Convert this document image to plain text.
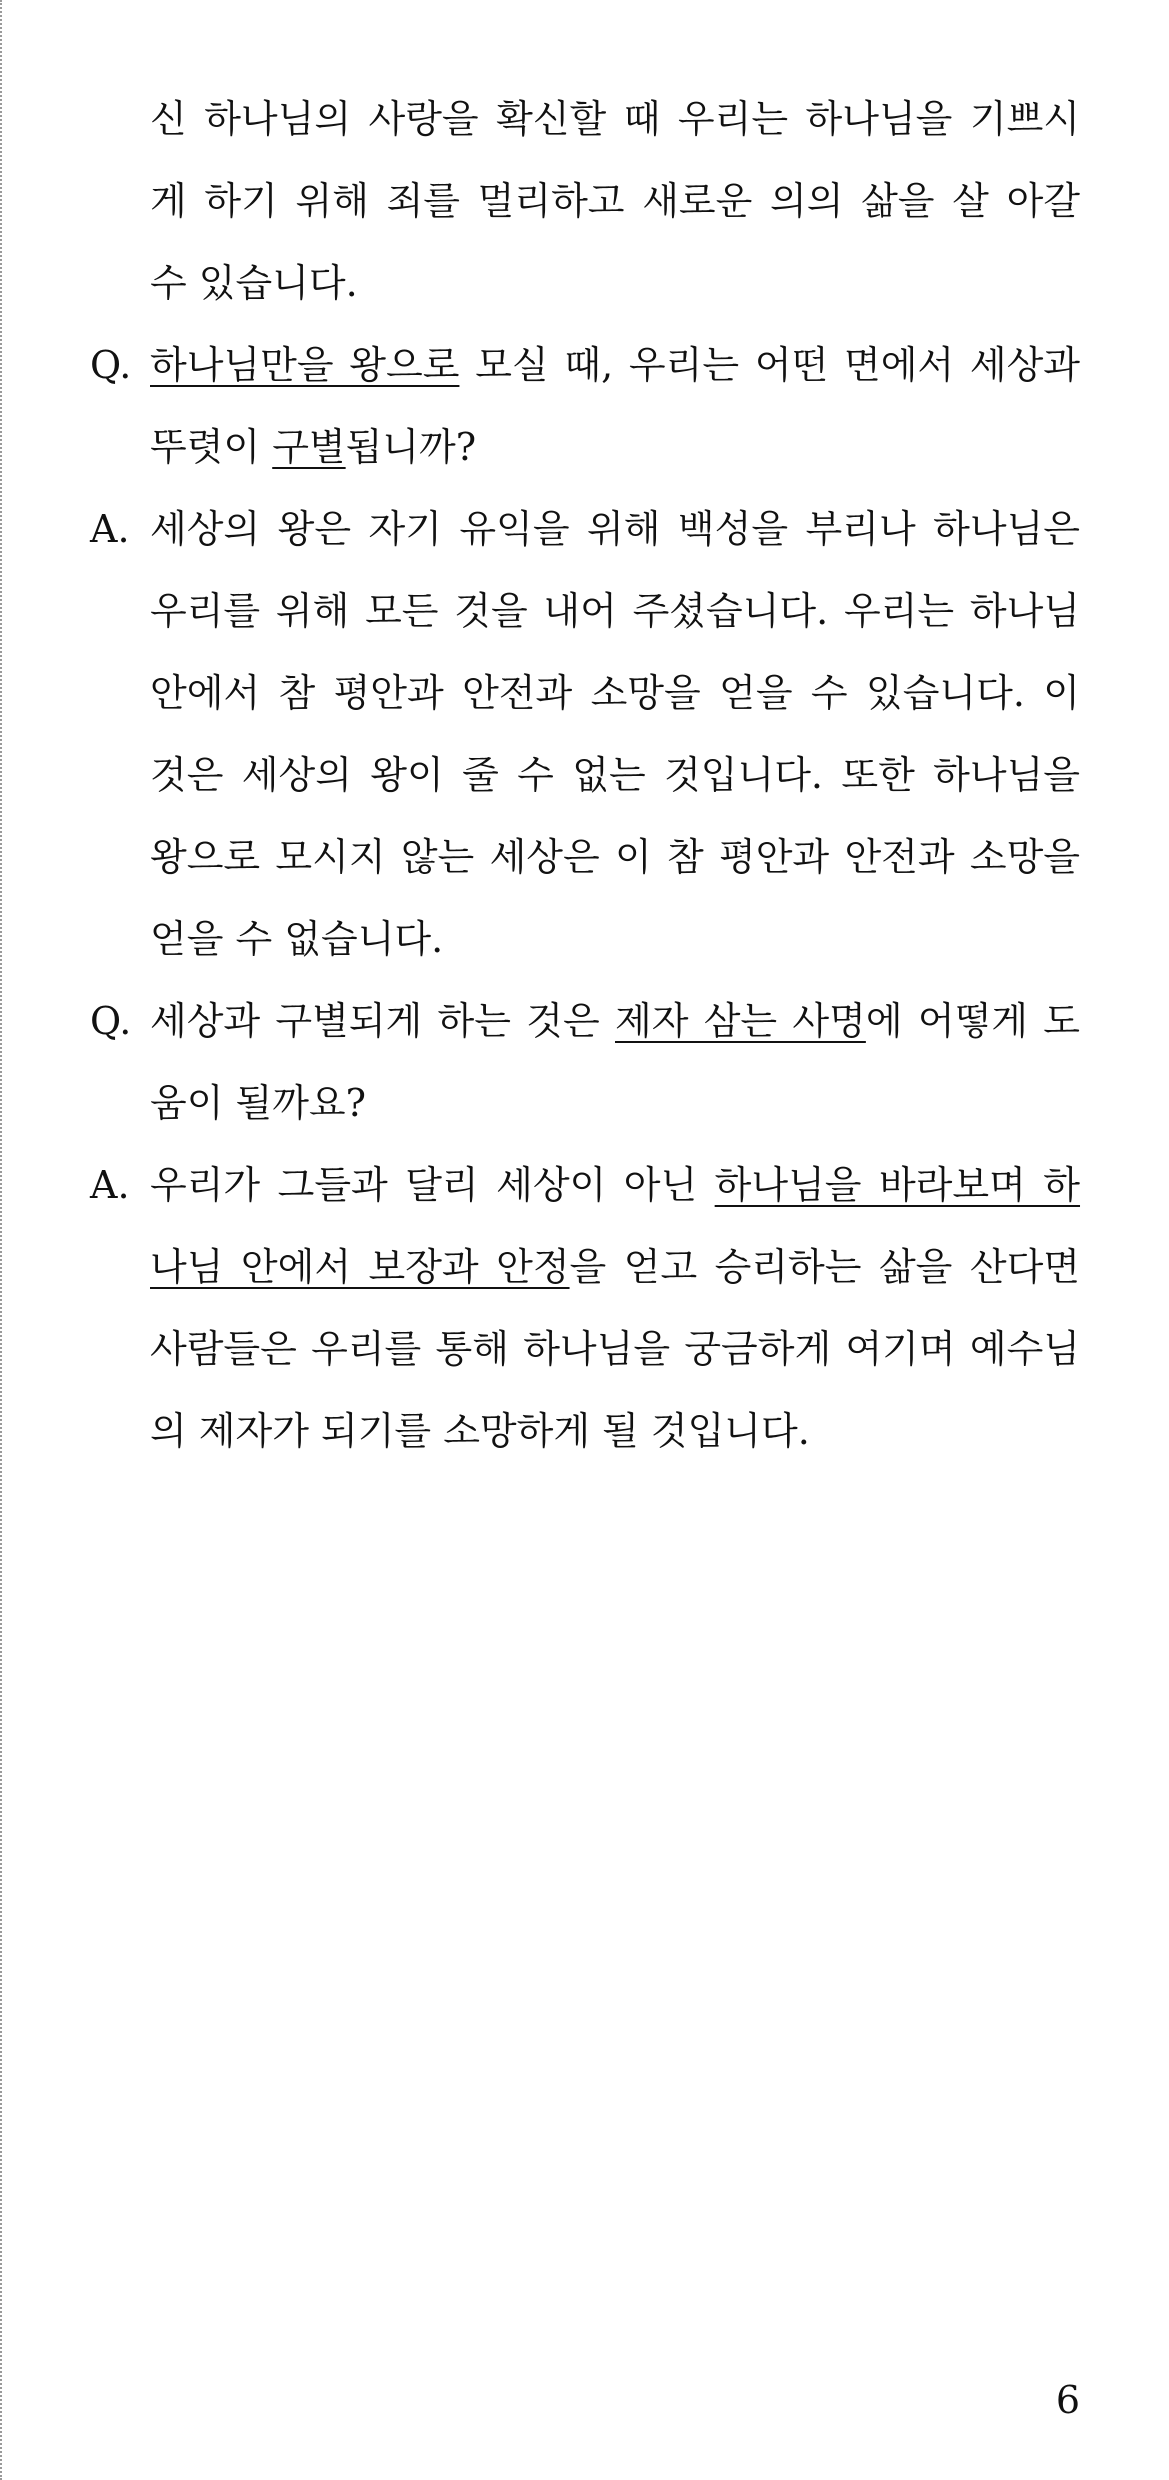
신 하나님의 사랑을 확신할 때 우리는 하나님을 기쁘시
게 하기 위해 죄를 멀리하고 새로운 의의 삶을 살 아갈
수 있습니다.
Q. 하나님만을 왕으로 모실 때, 우리는 어떤 면에서 세상과
뚜렷이 구별됩니까?
A. 세상의 왕은 자기 유익을 위해 백성을 부리나 하나님은
우리를 위해 모든 것을 내어 주셨습니다. 우리는 하나님
안에서 참 평안과 안전과 소망을 얻을 수 있습니다. 이
것은 세상의 왕이 줄 수 없는 것입니다. 또한 하나님을
왕으로 모시지 않는 세상은 이 참 평안과 안전과 소망을
얻을 수 없습니다.
Q. 세상과 구별되게 하는 것은 제자 삼는 사명에 어떻게 도
움이 될까요?
A. 우리가 그들과 달리 세상이 아닌 하나님을 바라보며 하
나님 안에서 보장과 안정을 얻고 승리하는 삶을 산다면
사람들은 우리를 통해 하나님을 궁금하게 여기며 예수님
의 제자가 되기를 소망하게 될 것입니다.
6
